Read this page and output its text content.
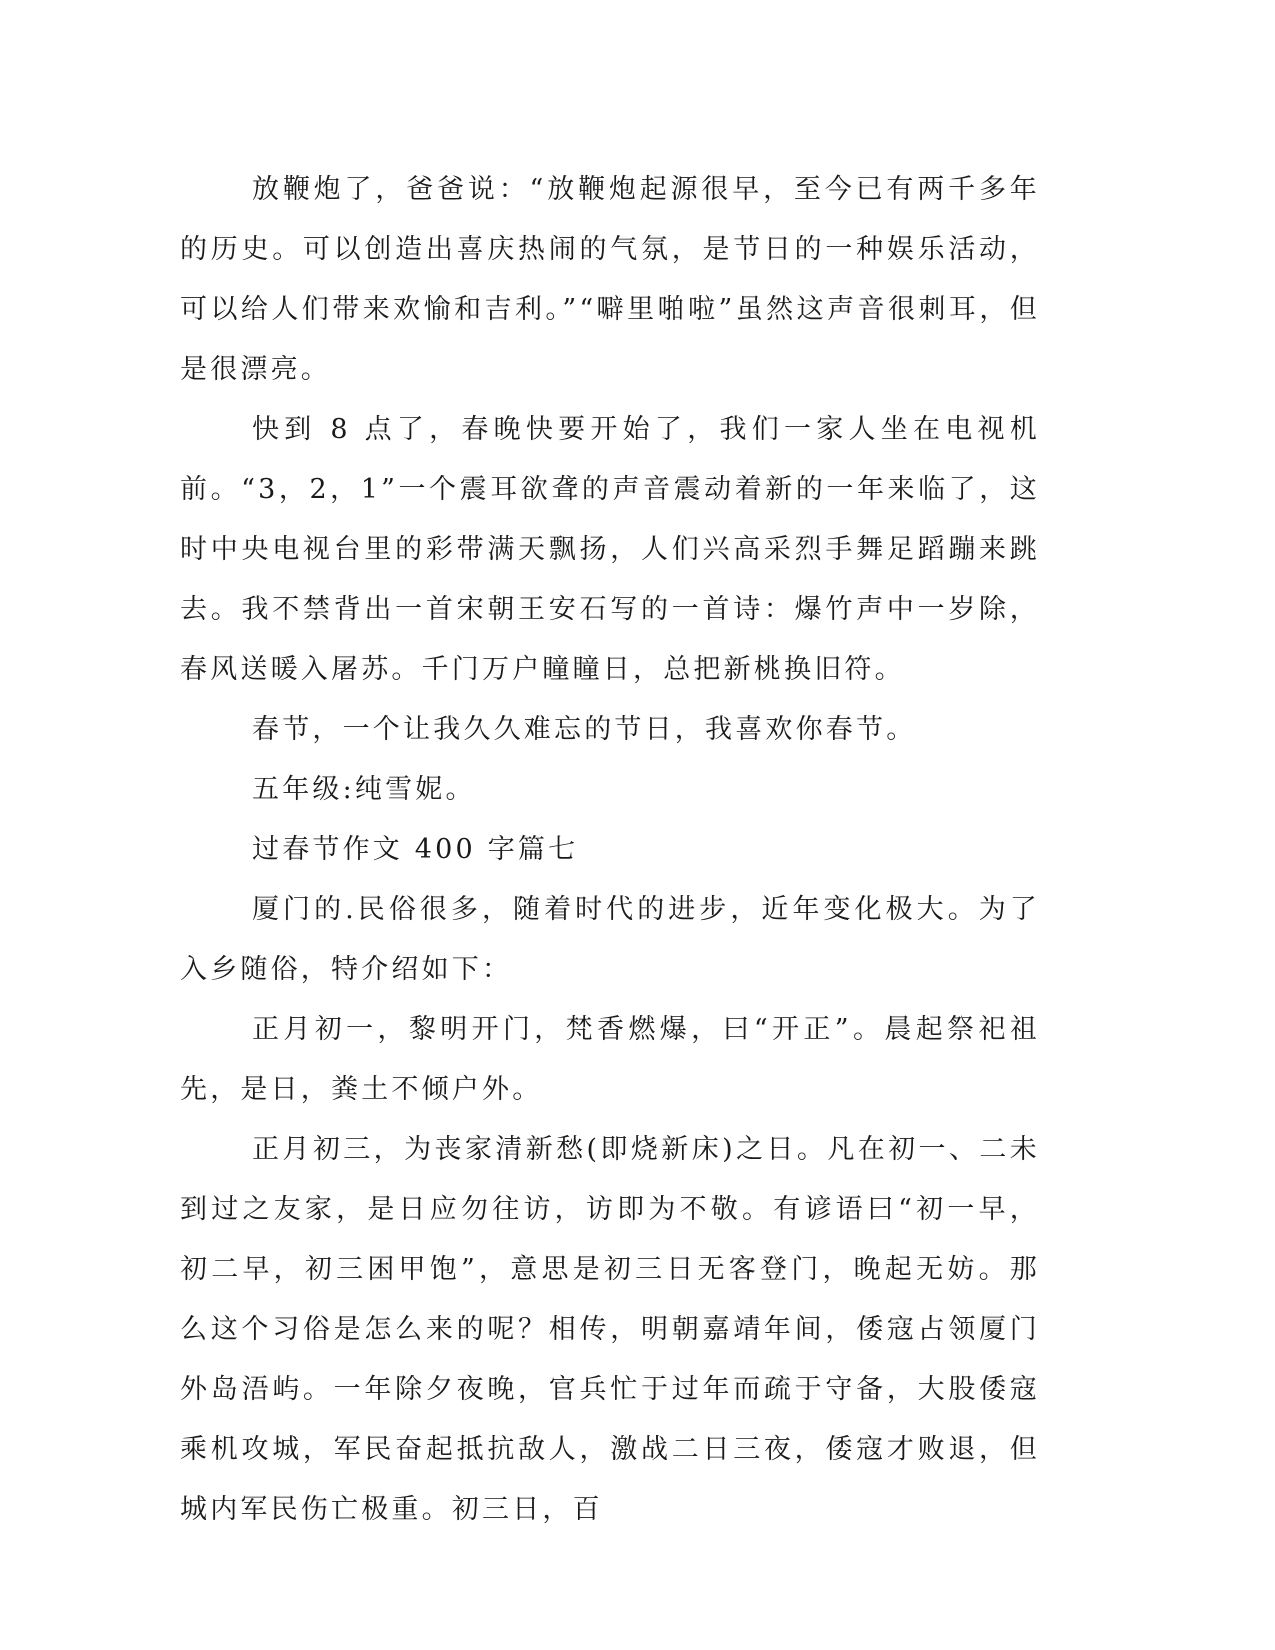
放鞭炮了，爸爸说：“放鞭炮起源很早，至今已有两千多年的历史。可以创造出喜庆热闹的气氛，是节日的一种娱乐活动，可以给人们带来欢愉和吉利。”“噼里啪啦”虽然这声音很刺耳，但是很漂亮。

快到 8 点了，春晚快要开始了，我们一家人坐在电视机前。“3，2，1”一个震耳欲聋的声音震动着新的一年来临了，这时中央电视台里的彩带满天飘扬，人们兴高采烈手舞足蹈蹦来跳去。我不禁背出一首宋朝王安石写的一首诗：爆竹声中一岁除，春风送暖入屠苏。千门万户瞳瞳日，总把新桃换旧符。

春节，一个让我久久难忘的节日，我喜欢你春节。

五年级:纯雪妮。

过春节作文 400 字篇七

厦门的.民俗很多，随着时代的进步，近年变化极大。为了入乡随俗，特介绍如下：

正月初一，黎明开门，梵香燃爆，曰“开正”。晨起祭祀祖先，是日，粪土不倾户外。

正月初三，为丧家清新愁(即烧新床)之日。凡在初一、二未到过之友家，是日应勿往访，访即为不敬。有谚语曰“初一早，初二早，初三困甲饱”，意思是初三日无客登门，晚起无妨。那么这个习俗是怎么来的呢？相传，明朝嘉靖年间，倭寇占领厦门外岛浯屿。一年除夕夜晚，官兵忙于过年而疏于守备，大股倭寇乘机攻城，军民奋起抵抗敌人，激战二日三夜，倭寇才败退，但城内军民伤亡极重。初三日，百
